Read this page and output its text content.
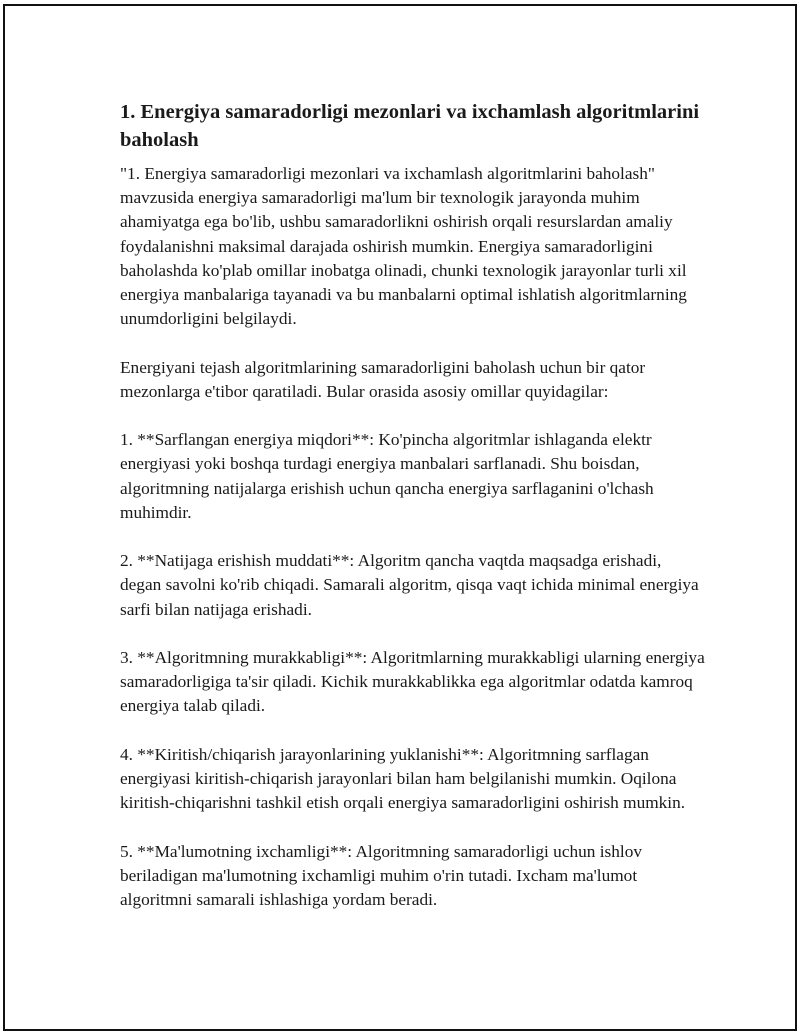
1. Energiya samaradorligi mezonlari va ixchamlash algoritmlarini baholash

"1. Energiya samaradorligi mezonlari va ixchamlash algoritmlarini baholash" mavzusida energiya samaradorligi ma'lum bir texnologik jarayonda muhim ahamiyatga ega bo'lib, ushbu samaradorlikni oshirish orqali resurslardan amaliy foydalanishni maksimal darajada oshirish mumkin. Energiya samaradorligini baholashda ko'plab omillar inobatga olinadi, chunki texnologik jarayonlar turli xil energiya manbalariga tayanadi va bu manbalarni optimal ishlatish algoritmlarning unumdorligini belgilaydi.

Energiyani tejash algoritmlarining samaradorligini baholash uchun bir qator mezonlarga e'tibor qaratiladi. Bular orasida asosiy omillar quyidagilar:

1. **Sarflangan energiya miqdori**: Ko'pincha algoritmlar ishlaganda elektr energiyasi yoki boshqa turdagi energiya manbalari sarflanadi. Shu boisdan, algoritmning natijalarga erishish uchun qancha energiya sarflaganini o'lchash muhimdir.

2. **Natijaga erishish muddati**: Algoritm qancha vaqtda maqsadga erishadi, degan savolni ko'rib chiqadi. Samarali algoritm, qisqa vaqt ichida minimal energiya sarfi bilan natijaga erishadi.

3. **Algoritmning murakkabligi**: Algoritmlarning murakkabligi ularning energiya samaradorligiga ta'sir qiladi. Kichik murakkablikka ega algoritmlar odatda kamroq energiya talab qiladi.

4. **Kiritish/chiqarish jarayonlarining yuklanishi**: Algoritmning sarflagan energiyasi kiritish-chiqarish jarayonlari bilan ham belgilanishi mumkin. Oqilona kiritish-chiqarishni tashkil etish orqali energiya samaradorligini oshirish mumkin.

5. **Ma'lumotning ixchamligi**: Algoritmning samaradorligi uchun ishlov beriladigan ma'lumotning ixchamligi muhim o'rin tutadi. Ixcham ma'lumot algoritmni samarali ishlashiga yordam beradi.
